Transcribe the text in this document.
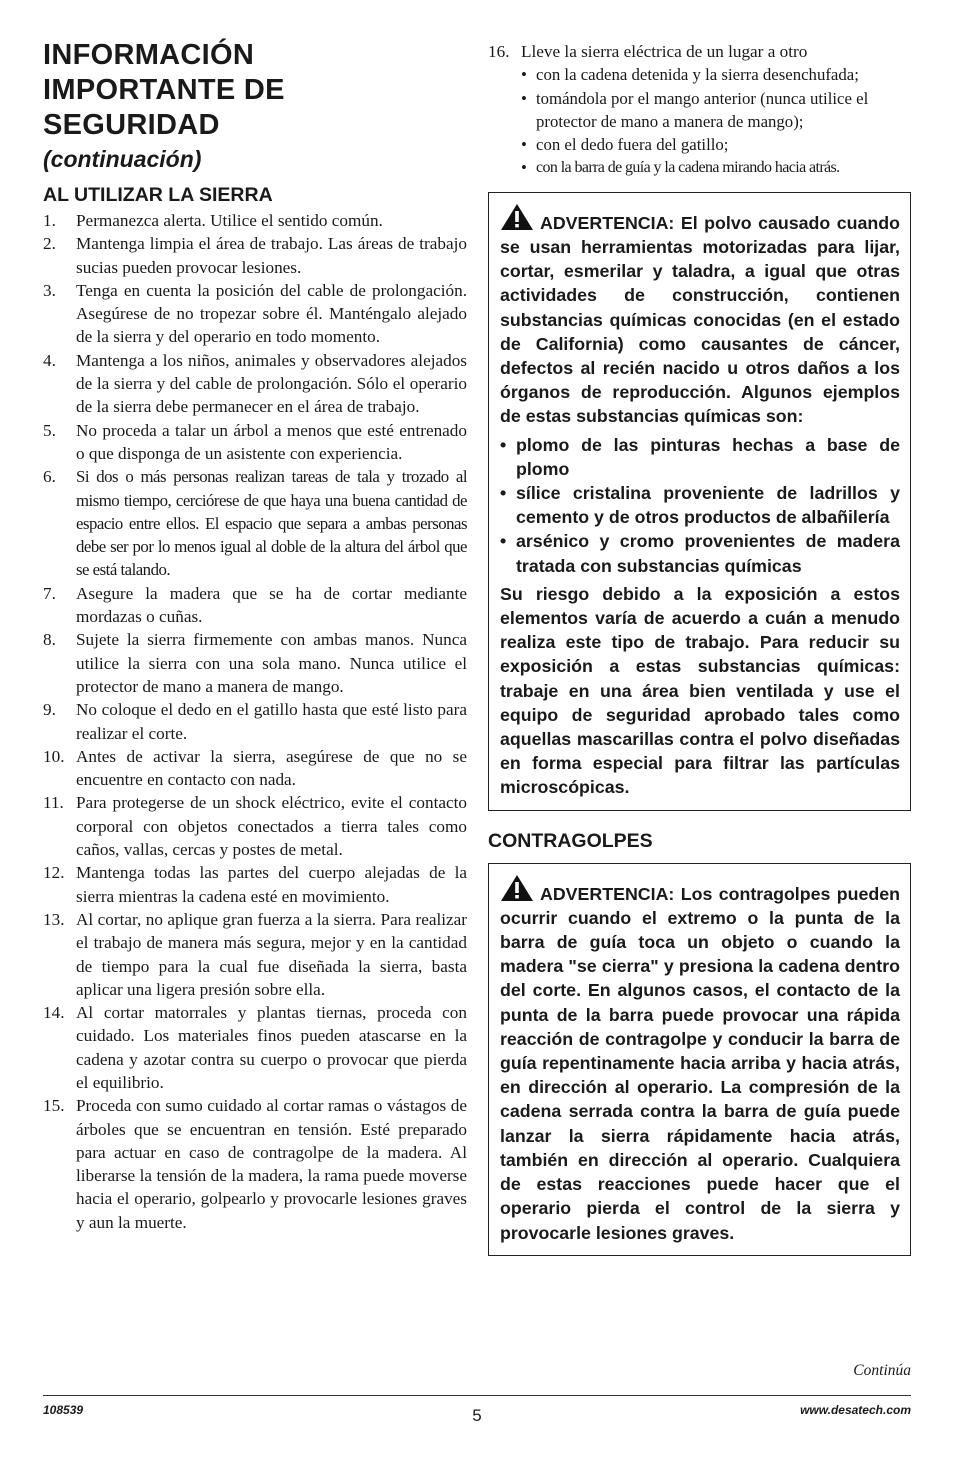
INFORMACIÓN
IMPORTANTE DE
SEGURIDAD
(continuación)
AL UTILIZAR LA SIERRA
1.	Permanezca alerta. Utilice el sentido común.
2.	Mantenga limpia el área de trabajo. Las áreas de trabajo sucias pueden provocar lesiones.
3.	Tenga en cuenta la posición del cable de prolongación. Asegúrese de no tropezar sobre él. Manténgalo alejado de la sierra y del operario en todo momento.
4.	Mantenga a los niños, animales y observadores alejados de la sierra y del cable de prolongación. Sólo el operario de la sierra debe permanecer en el área de trabajo.
5.	No proceda a talar un árbol a menos que esté entrenado o que disponga de un asistente con experiencia.
6.	Si dos o más personas realizan tareas de tala y trozado al mismo tiempo, cerciórese de que haya una buena cantidad de espacio entre ellos. El espacio que separa a ambas personas debe ser por lo menos igual al doble de la altura del árbol que se está talando.
7.	Asegure la madera que se ha de cortar mediante mordazas o cuñas.
8.	Sujete la sierra firmemente con ambas manos. Nunca utilice la sierra con una sola mano. Nunca utilice el protector de mano a manera de mango.
9.	No coloque el dedo en el gatillo hasta que esté listo para realizar el corte.
10. Antes de activar la sierra, asegúrese de que no se encuentre en contacto con nada.
11. Para protegerse de un shock eléctrico, evite el contacto corporal con objetos conectados a tierra tales como caños, vallas, cercas y postes de metal.
12. Mantenga todas las partes del cuerpo alejadas de la sierra mientras la cadena esté en movimiento.
13. Al cortar, no aplique gran fuerza a la sierra. Para realizar el trabajo de manera más segura, mejor y en la cantidad de tiempo para la cual fue diseñada la sierra, basta aplicar una ligera presión sobre ella.
14. Al cortar matorrales y plantas tiernas, proceda con cuidado. Los materiales finos pueden atascarse en la cadena y azotar contra su cuerpo o provocar que pierda el equilibrio.
15. Proceda con sumo cuidado al cortar ramas o vástagos de árboles que se encuentran en tensión. Esté preparado para actuar en caso de contragolpe de la madera. Al liberarse la tensión de la madera, la rama puede moverse hacia el operario, golpearlo y provocarle lesiones graves y aun la muerte.
16. Lleve la sierra eléctrica de un lugar a otro
• con la cadena detenida y la sierra desenchufada;
• tomándola por el mango anterior (nunca utilice el protector de mano a manera de mango);
• con el dedo fuera del gatillo;
• con la barra de guía y la cadena mirando hacia atrás.

ADVERTENCIA: El polvo causado cuando se usan herramientas motorizadas para lijar, cortar, esmerilar y taladra, a igual que otras actividades de construcción, contienen substancias químicas conocidas (en el estado de California) como causantes de cáncer, defectos al recién nacido u otros daños a los órganos de reproducción. Algunos ejemplos de estas substancias químicas son:

• plomo de las pinturas hechas a base de plomo
• sílice cristalina proveniente de ladrillos y cemento y de otros productos de albañilería
• arsénico y cromo provenientes de madera tratada con substancias químicas

Su riesgo debido a la exposición a estos elementos varía de acuerdo a cuán a menudo realiza este tipo de trabajo. Para reducir su exposición a estas substancias químicas: trabaje en una área bien ventilada y use el equipo de seguridad aprobado tales como aquellas mascarillas contra el polvo diseñadas en forma especial para filtrar las partículas microscópicas.

CONTRAGOLPES

ADVERTENCIA: Los contragolpes pueden ocurrir cuando el extremo o la punta de la barra de guía toca un objeto o cuando la madera "se cierra" y presiona la cadena dentro del corte. En algunos casos, el contacto de la punta de la barra puede provocar una rápida reacción de contragolpe y conducir la barra de guía repentinamente hacia arriba y hacia atrás, en dirección al operario. La compresión de la cadena serrada contra la barra de guía puede lanzar la sierra rápidamente hacia atrás, también en dirección al operario. Cualquiera de estas reacciones puede hacer que el operario pierda el control de la sierra y provocarle lesiones graves.

Continúa
108539	5	www.desatech.com
